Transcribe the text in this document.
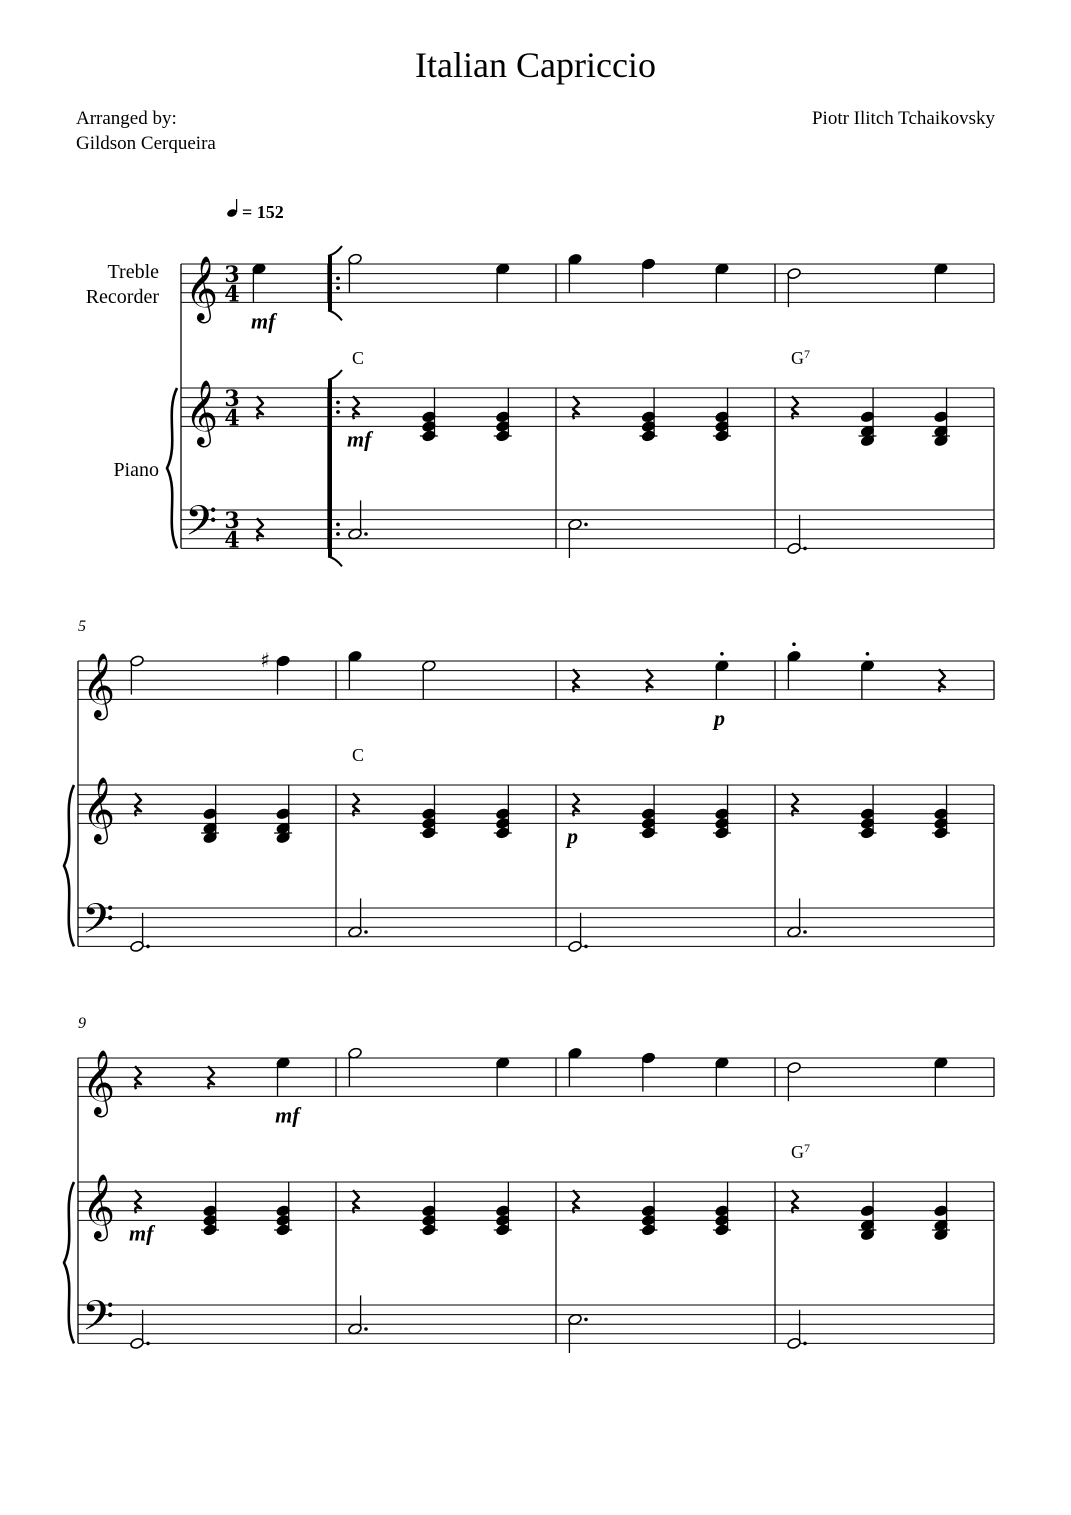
Italian Capriccio
Arranged by:
Gildson Cerqueira
Piotr Ilitch Tchaikovsky
= 152
Treble
Recorder
Piano
𝄞
𝄞
𝄢
3
4
3
4
3
4
C	$G^7$
mf
mf
𝄞
𝄞
𝄢
5
♯
C
p
p
𝄞
𝄞
𝄢
9
$G^7$
mf
mf
